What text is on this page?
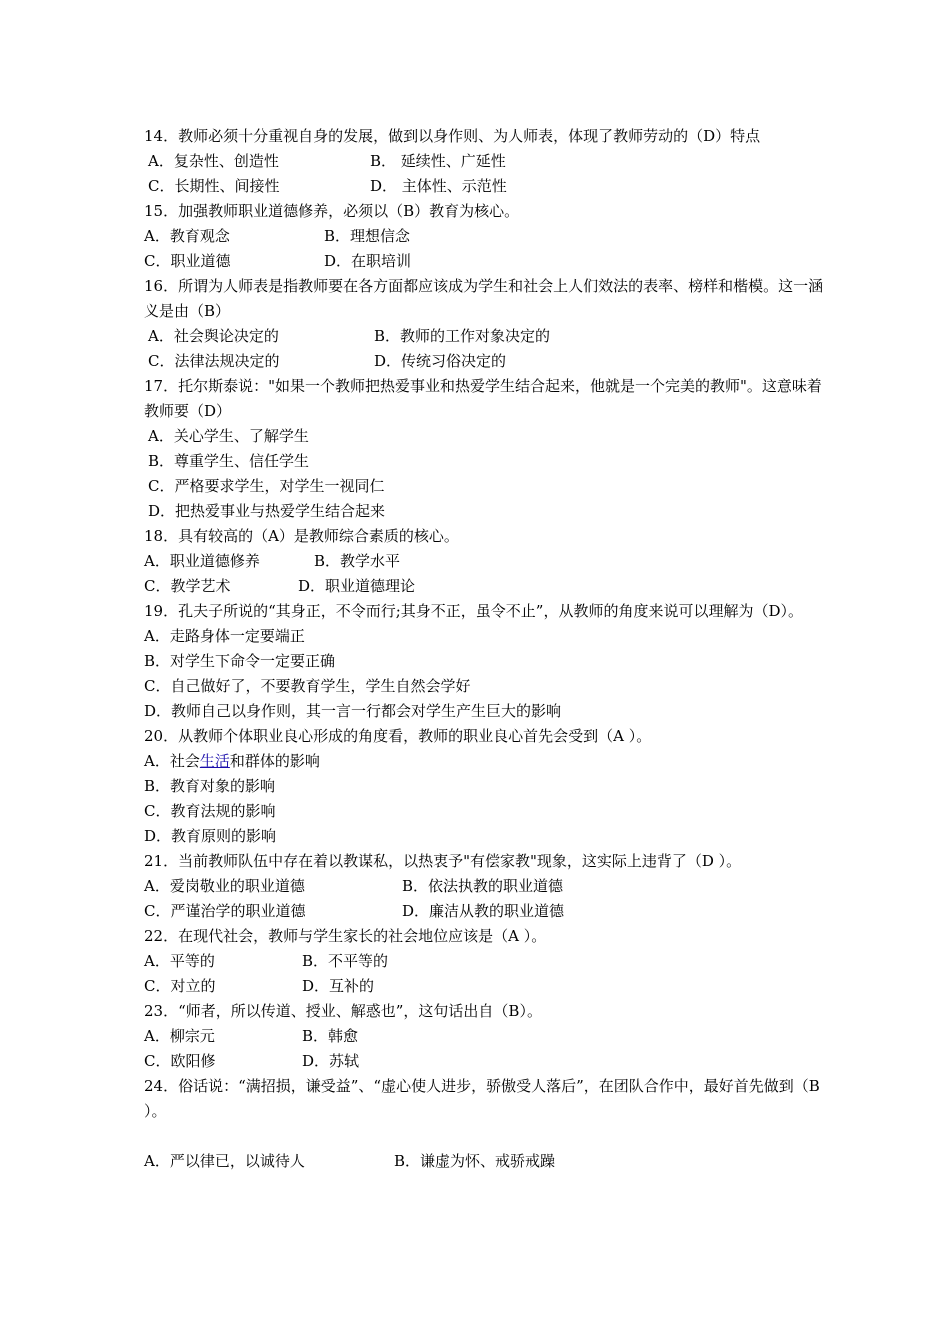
14．教师必须十分重视自身的发展，做到以身作则、为人师表，体现了教师劳动的（D）特点
A．复杂性、创造性	B． 延续性、广延性
C．长期性、间接性	D． 主体性、示范性
15．加强教师职业道德修养，必须以（B）教育为核心。
A．教育观念	B．理想信念
C．职业道德	D．在职培训
16．所谓为人师表是指教师要在各方面都应该成为学生和社会上人们效法的表率、榜样和楷模。这一涵义是由（B）
A．社会舆论决定的	B．教师的工作对象决定的
C．法律法规决定的	D．传统习俗决定的
17．托尔斯泰说："如果一个教师把热爱事业和热爱学生结合起来，他就是一个完美的教师"。这意味着教师要（D）
A．关心学生、了解学生
B．尊重学生、信任学生
C．严格要求学生，对学生一视同仁
D．把热爱事业与热爱学生结合起来
18．具有较高的（A）是教师综合素质的核心。
A．职业道德修养	B．教学水平
C．教学艺术	D．职业道德理论
19．孔夫子所说的“其身正，不令而行;其身不正，虽令不止”，从教师的角度来说可以理解为（D）。
A．走路身体一定要端正
B．对学生下命令一定要正确
C．自己做好了，不要教育学生，学生自然会学好
D．教师自己以身作则，其一言一行都会对学生产生巨大的影响
20．从教师个体职业良心形成的角度看，教师的职业良心首先会受到（A ）。
A．社会生活和群体的影响
B．教育对象的影响
C．教育法规的影响
D．教育原则的影响
21．当前教师队伍中存在着以教谋私，以热衷予"有偿家教"现象，这实际上违背了（D ）。
A．爱岗敬业的职业道德	B．依法执教的职业道德
C．严谨治学的职业道德	D．廉洁从教的职业道德
22．在现代社会，教师与学生家长的社会地位应该是（A ）。
A．平等的	B．不平等的
C．对立的	D．互补的
23．“师者，所以传道、授业、解惑也”，这句话出自（B）。
A．柳宗元	B．韩愈
C．欧阳修	D．苏轼
24．俗话说：“满招损，谦受益”、“虚心使人进步，骄傲受人落后”，在团队合作中，最好首先做到（B ）。
A．严以律已，以诚待人	B．谦虚为怀、戒骄戒躁
